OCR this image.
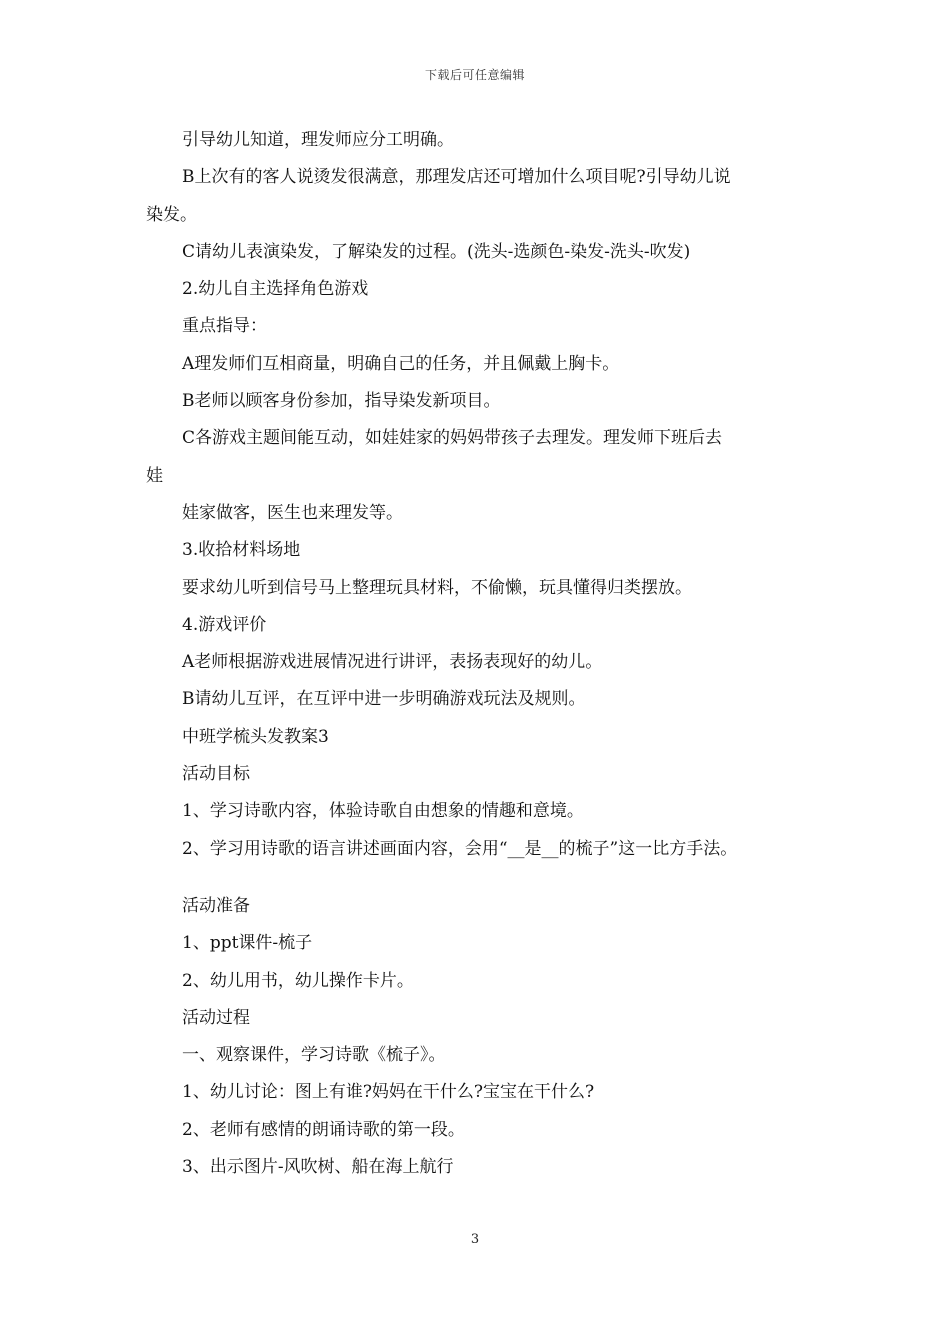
下载后可任意编辑
引导幼儿知道，理发师应分工明确。
B上次有的客人说烫发很满意，那理发店还可增加什么项目呢?引导幼儿说
染发。
C请幼儿表演染发，了解染发的过程。(洗头-选颜色-染发-洗头-吹发)
2.幼儿自主选择角色游戏
重点指导：
A理发师们互相商量，明确自己的任务，并且佩戴上胸卡。
B老师以顾客身份参加，指导染发新项目。
C各游戏主题间能互动，如娃娃家的妈妈带孩子去理发。理发师下班后去
娃
娃家做客，医生也来理发等。
3.收拾材料场地
要求幼儿听到信号马上整理玩具材料，不偷懒，玩具懂得归类摆放。
4.游戏评价
A老师根据游戏进展情况进行讲评，表扬表现好的幼儿。
B请幼儿互评，在互评中进一步明确游戏玩法及规则。
中班学梳头发教案3
活动目标
1、学习诗歌内容，体验诗歌自由想象的情趣和意境。
2、学习用诗歌的语言讲述画面内容，会用“__是__的梳子”这一比方手法。
活动准备
1、ppt课件-梳子
2、幼儿用书，幼儿操作卡片。
活动过程
一、观察课件，学习诗歌《梳子》。
1、幼儿讨论：图上有谁?妈妈在干什么?宝宝在干什么?
2、老师有感情的朗诵诗歌的第一段。
3、出示图片-风吹树、船在海上航行
3
